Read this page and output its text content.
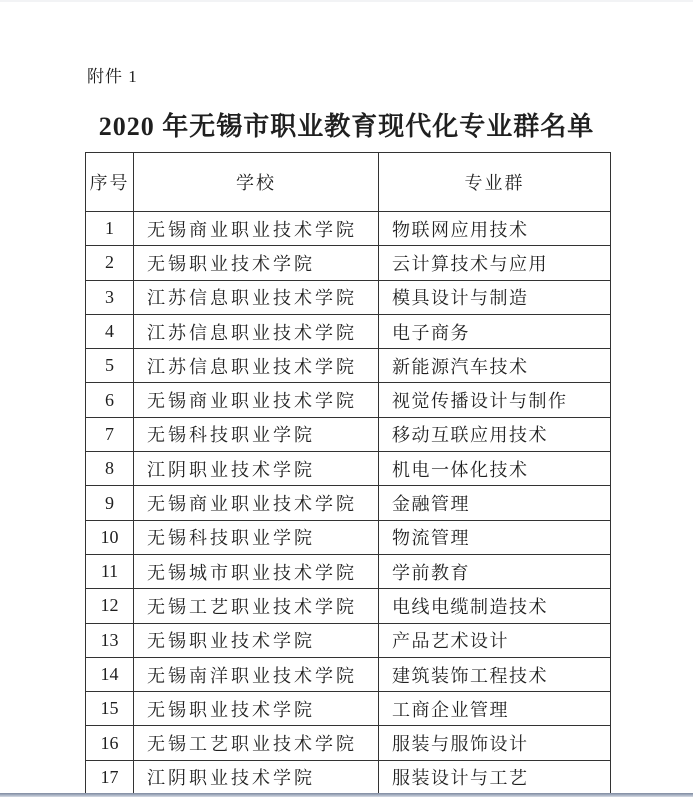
附件 1
2020 年无锡市职业教育现代化专业群名单
序号	学校	专业群
1	无锡商业职业技术学院	物联网应用技术
2	无锡职业技术学院	云计算技术与应用
3	江苏信息职业技术学院	模具设计与制造
4	江苏信息职业技术学院	电子商务
5	江苏信息职业技术学院	新能源汽车技术
6	无锡商业职业技术学院	视觉传播设计与制作
7	无锡科技职业学院	移动互联应用技术
8	江阴职业技术学院	机电一体化技术
9	无锡商业职业技术学院	金融管理
10	无锡科技职业学院	物流管理
11	无锡城市职业技术学院	学前教育
12	无锡工艺职业技术学院	电线电缆制造技术
13	无锡职业技术学院	产品艺术设计
14	无锡南洋职业技术学院	建筑装饰工程技术
15	无锡职业技术学院	工商企业管理
16	无锡工艺职业技术学院	服装与服饰设计
17	江阴职业技术学院	服装设计与工艺
